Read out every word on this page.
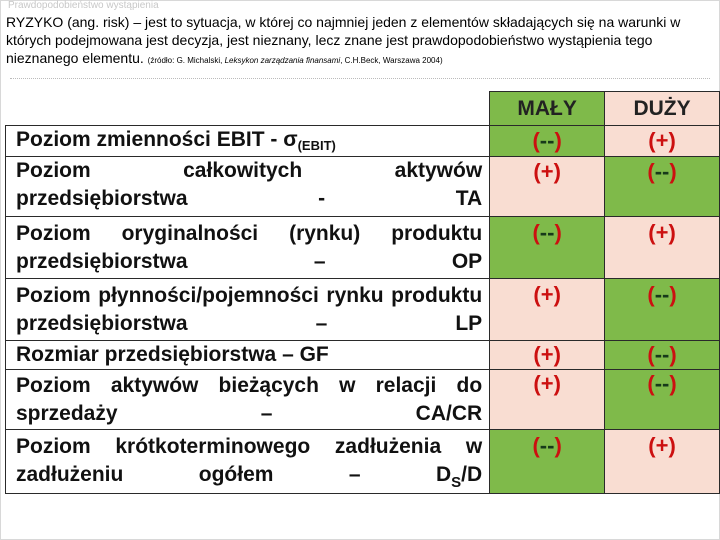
Prawdopodobieństwo wystąpienia
RYZYKO (ang. risk) – jest to sytuacja, w której co najmniej jeden z elementów składających się na warunki w których podejmowana jest decyzja, jest nieznany, lecz znane jest prawdopodobieństwo wystąpienia tego nieznanego elementu. (źródło: G. Michalski, Leksykon zarządzania finansami, C.H.Beck, Warszawa 2004)
	MAŁY	DUŻY
Poziom zmienności EBIT - σ(EBIT)	(--)	(+)
Poziom całkowitych aktywów przedsiębiorstwa - TA	(+)	(--)
Poziom oryginalności (rynku) produktu przedsiębiorstwa – OP	(--)	(+)
Poziom płynności/pojemności rynku produktu przedsiębiorstwa – LP	(+)	(--)
Rozmiar przedsiębiorstwa – GF	(+)	(--)
Poziom aktywów bieżących w relacji do sprzedaży – CA/CR	(+)	(--)
Poziom krótkoterminowego zadłużenia w zadłużeniu ogółem – $D_S/D$	(--)	(+)
